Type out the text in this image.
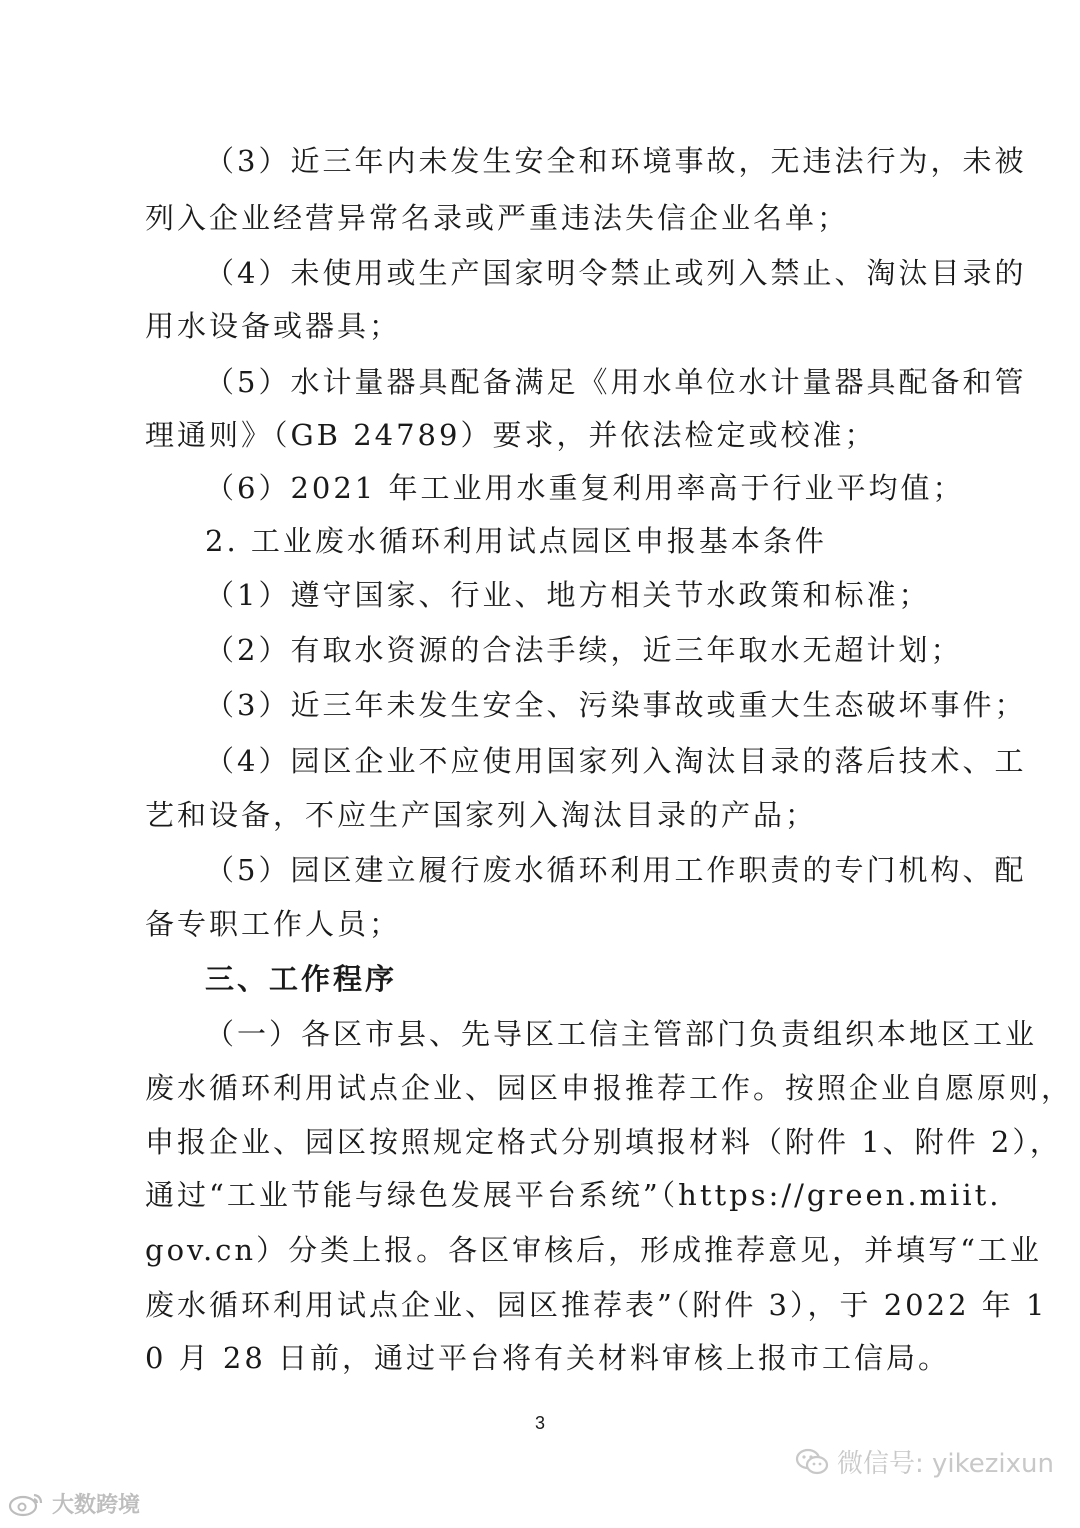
（3）近三年内未发生安全和环境事故，无违法行为，未被
列入企业经营异常名录或严重违法失信企业名单；
（4）未使用或生产国家明令禁止或列入禁止、淘汰目录的
用水设备或器具；
（5）水计量器具配备满足《用水单位水计量器具配备和管
理通则》（GB 24789）要求，并依法检定或校准；
（6）2021 年工业用水重复利用率高于行业平均值；
2. 工业废水循环利用试点园区申报基本条件
（1）遵守国家、行业、地方相关节水政策和标准；
（2）有取水资源的合法手续，近三年取水无超计划；
（3）近三年未发生安全、污染事故或重大生态破坏事件；
（4）园区企业不应使用国家列入淘汰目录的落后技术、工
艺和设备，不应生产国家列入淘汰目录的产品；
（5）园区建立履行废水循环利用工作职责的专门机构、配
备专职工作人员；
三、工作程序
（一）各区市县、先导区工信主管部门负责组织本地区工业
废水循环利用试点企业、园区申报推荐工作。按照企业自愿原则，
申报企业、园区按照规定格式分别填报材料（附件 1、附件 2），
通过“工业节能与绿色发展平台系统”（https://green.miit.
gov.cn）分类上报。各区审核后，形成推荐意见，并填写“工业
废水循环利用试点企业、园区推荐表”（附件 3），于 2022 年 1
0 月 28 日前，通过平台将有关材料审核上报市工信局。
3
微信号: yikezixun
大数跨境
